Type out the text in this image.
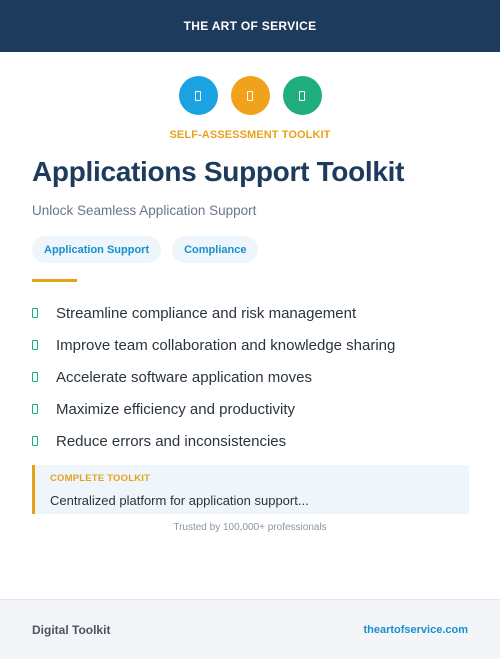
THE ART OF SERVICE
SELF-ASSESSMENT TOOLKIT
Applications Support Toolkit

Unlock Seamless Application Support

Application Support	Compliance
Streamline compliance and risk management
Improve team collaboration and knowledge sharing
Accelerate software application moves
Maximize efficiency and productivity
Reduce errors and inconsistencies
COMPLETE TOOLKIT
Centralized platform for application support...
Trusted by 100,000+ professionals
Digital Toolkit	theartofservice.com
